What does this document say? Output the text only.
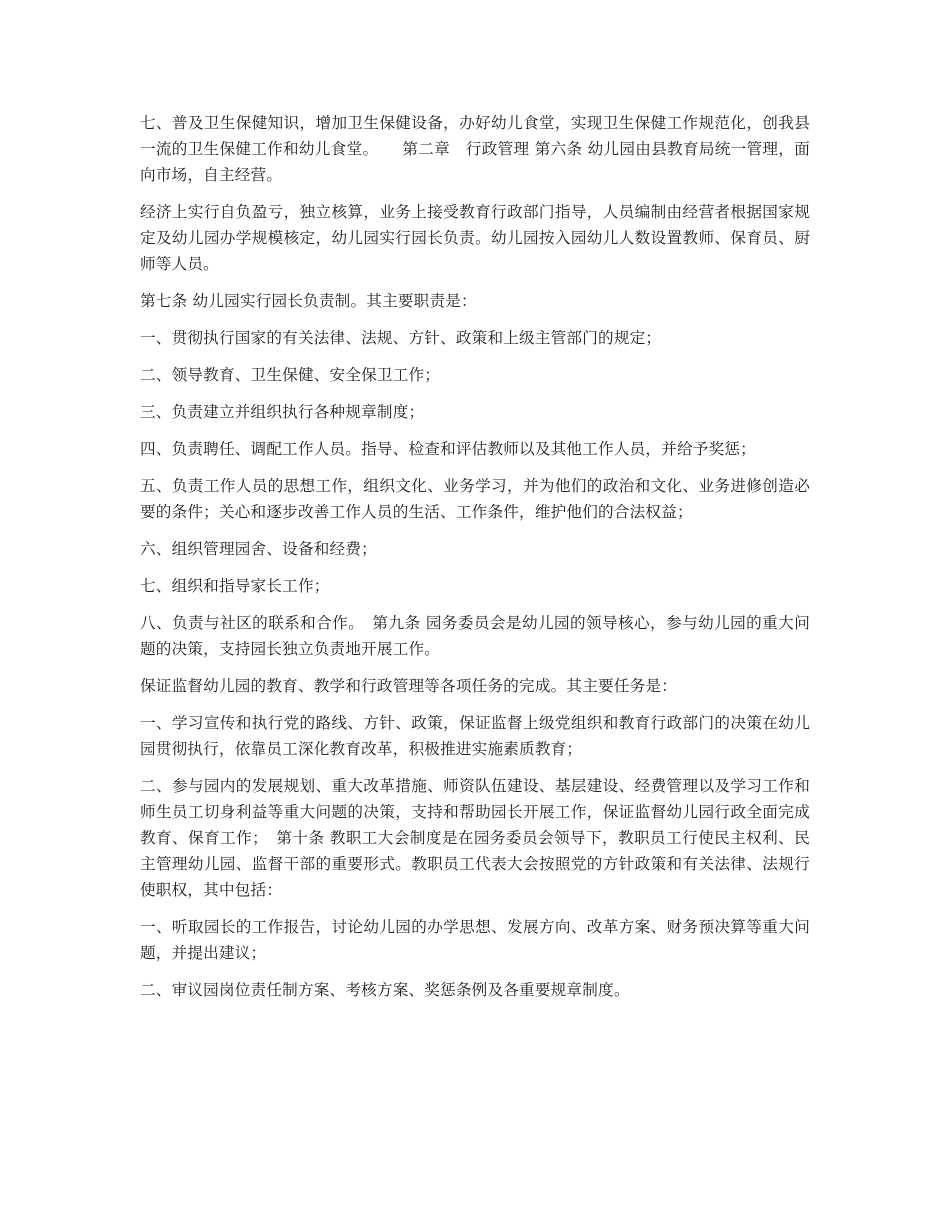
七、普及卫生保健知识，增加卫生保健设备，办好幼儿食堂，实现卫生保健工作规范化，创我县一流的卫生保健工作和幼儿食堂。　　第二章　行政管理 第六条 幼儿园由县教育局统一管理，面向市场，自主经营。

经济上实行自负盈亏，独立核算，业务上接受教育行政部门指导，人员编制由经营者根据国家规定及幼儿园办学规模核定，幼儿园实行园长负责。幼儿园按入园幼儿人数设置教师、保育员、厨师等人员。

第七条 幼儿园实行园长负责制。其主要职责是：

一、贯彻执行国家的有关法律、法规、方针、政策和上级主管部门的规定；

二、领导教育、卫生保健、安全保卫工作；

三、负责建立并组织执行各种规章制度；

四、负责聘任、调配工作人员。指导、检查和评估教师以及其他工作人员，并给予奖惩；

五、负责工作人员的思想工作，组织文化、业务学习，并为他们的政治和文化、业务进修创造必要的条件；关心和逐步改善工作人员的生活、工作条件，维护他们的合法权益；

六、组织管理园舍、设备和经费；

七、组织和指导家长工作；

八、负责与社区的联系和合作。　第九条 园务委员会是幼儿园的领导核心，参与幼儿园的重大问题的决策，支持园长独立负责地开展工作。

保证监督幼儿园的教育、教学和行政管理等各项任务的完成。其主要任务是：

一、学习宣传和执行党的路线、方针、政策，保证监督上级党组织和教育行政部门的决策在幼儿园贯彻执行，依靠员工深化教育改革，积极推进实施素质教育；

二、参与园内的发展规划、重大改革措施、师资队伍建设、基层建设、经费管理以及学习工作和师生员工切身利益等重大问题的决策，支持和帮助园长开展工作，保证监督幼儿园行政全面完成教育、保育工作；　第十条 教职工大会制度是在园务委员会领导下，教职员工行使民主权利、民主管理幼儿园、监督干部的重要形式。教职员工代表大会按照党的方针政策和有关法律、法规行使职权，其中包括：

一、听取园长的工作报告，讨论幼儿园的办学思想、发展方向、改革方案、财务预决算等重大问题，并提出建议；

二、审议园岗位责任制方案、考核方案、奖惩条例及各重要规章制度。
